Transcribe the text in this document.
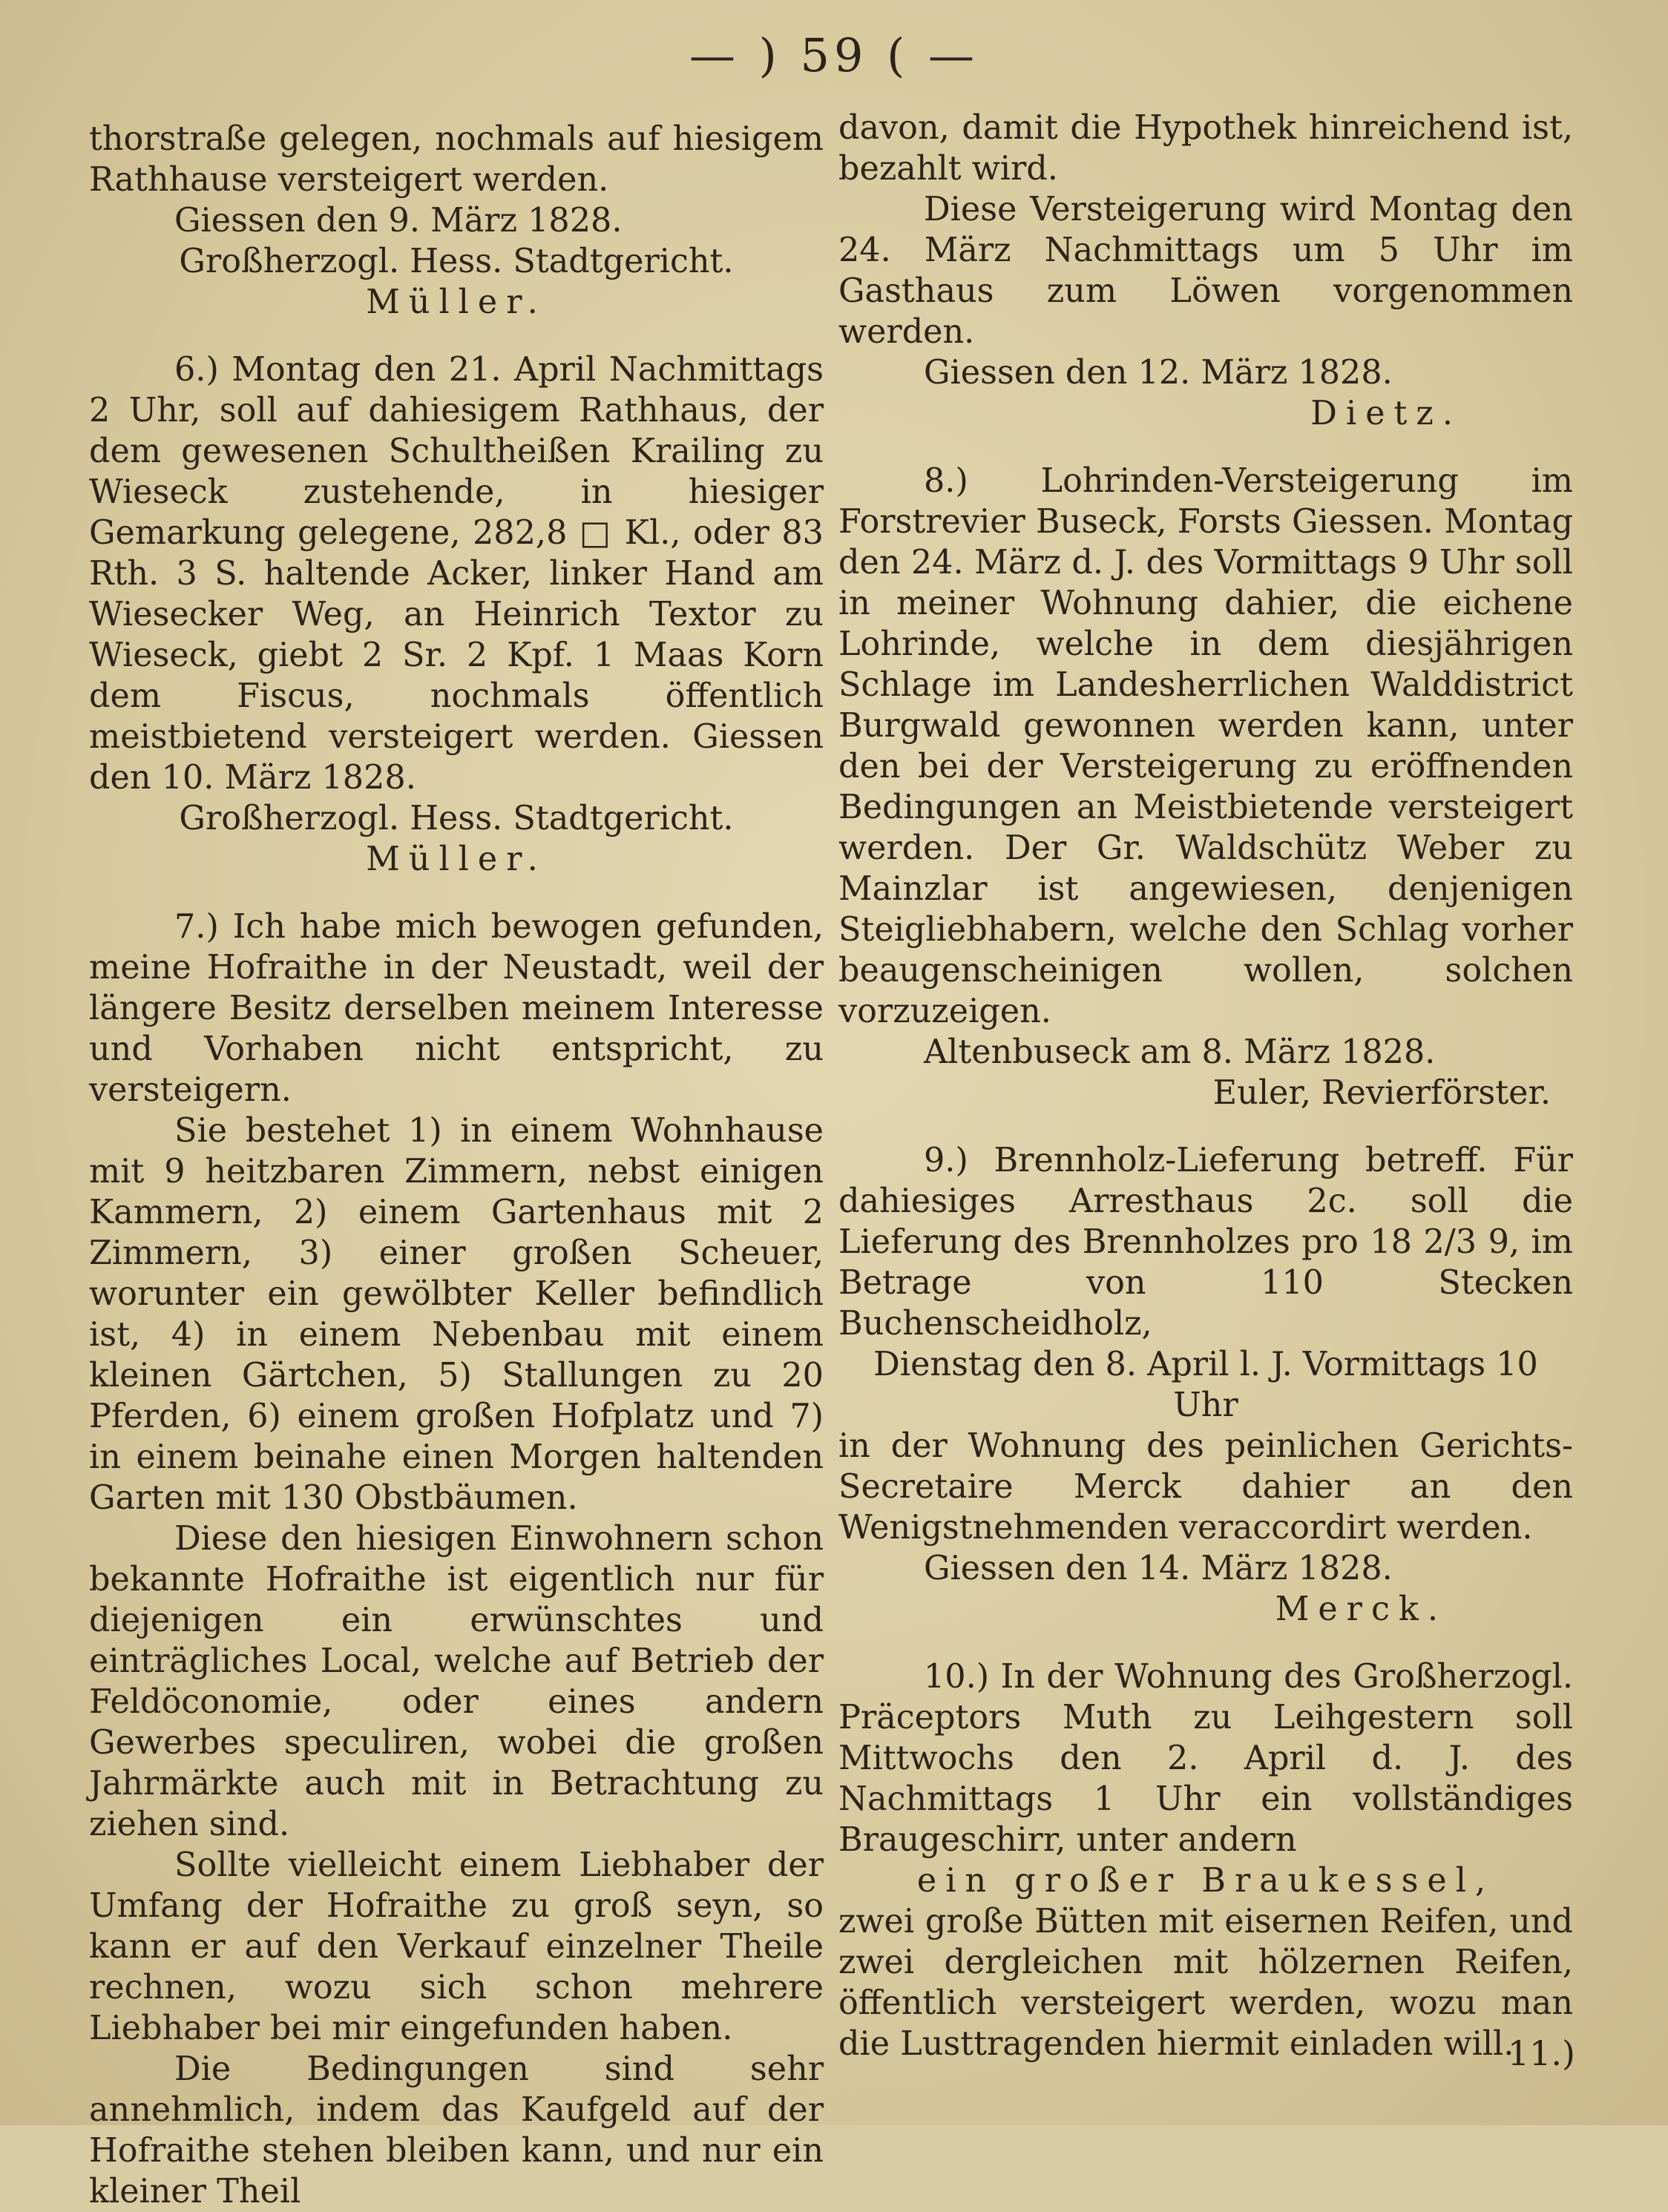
— ) 59 ( —

thorstraße gelegen, nochmals auf hiesigem Rathhause versteigert werden.

Giessen den 9. März 1828.

Großherzogl. Hess. Stadtgericht.

Müller.

6.) Montag den 21. April Nachmittags 2 Uhr, soll auf dahiesigem Rathhaus, der dem gewesenen Schultheißen Krailing zu Wieseck zustehende, in hiesiger Gemarkung gelegene, 282,8 □ Kl., oder 83 Rth. 3 S. haltende Acker, linker Hand am Wiesecker Weg, an Heinrich Textor zu Wieseck, giebt 2 Sr. 2 Kpf. 1 Maas Korn dem Fiscus, nochmals öffentlich meistbietend versteigert werden. Giessen den 10. März 1828.

Großherzogl. Hess. Stadtgericht.

Müller.

7.) Ich habe mich bewogen gefunden, meine Hofraithe in der Neustadt, weil der längere Besitz derselben meinem Interesse und Vorhaben nicht entspricht, zu versteigern.

Sie bestehet 1) in einem Wohnhause mit 9 heitzbaren Zimmern, nebst einigen Kammern, 2) einem Gartenhaus mit 2 Zimmern, 3) einer großen Scheuer, worunter ein gewölbter Keller befindlich ist, 4) in einem Nebenbau mit einem kleinen Gärtchen, 5) Stallungen zu 20 Pferden, 6) einem großen Hofplatz und 7) in einem beinahe einen Morgen haltenden Garten mit 130 Obstbäumen.

Diese den hiesigen Einwohnern schon bekannte Hofraithe ist eigentlich nur für diejenigen ein erwünschtes und einträgliches Local, welche auf Betrieb der Feldöconomie, oder eines andern Gewerbes speculiren, wobei die großen Jahrmärkte auch mit in Betrachtung zu ziehen sind.

Sollte vielleicht einem Liebhaber der Umfang der Hofraithe zu groß seyn, so kann er auf den Verkauf einzelner Theile rechnen, wozu sich schon mehrere Liebhaber bei mir eingefunden haben.

Die Bedingungen sind sehr annehmlich, indem das Kaufgeld auf der Hofraithe stehen bleiben kann, und nur ein kleiner Theil

davon, damit die Hypothek hinreichend ist, bezahlt wird.

Diese Versteigerung wird Montag den 24. März Nachmittags um 5 Uhr im Gasthaus zum Löwen vorgenommen werden.

Giessen den 12. März 1828.

Dietz.

8.) Lohrinden-Versteigerung im Forstrevier Buseck, Forsts Giessen. Montag den 24. März d. J. des Vormittags 9 Uhr soll in meiner Wohnung dahier, die eichene Lohrinde, welche in dem diesjährigen Schlage im Landesherrlichen Walddistrict Burgwald gewonnen werden kann, unter den bei der Versteigerung zu eröffnenden Bedingungen an Meistbietende versteigert werden. Der Gr. Waldschütz Weber zu Mainzlar ist angewiesen, denjenigen Steigliebhabern, welche den Schlag vorher beaugenscheinigen wollen, solchen vorzuzeigen.

Altenbuseck am 8. März 1828.

Euler, Revierförster.

9.) Brennholz-Lieferung betreff. Für dahiesiges Arresthaus 2c. soll die Lieferung des Brennholzes pro 18 2/3 9, im Betrage von 110 Stecken Buchenscheidholz,

Dienstag den 8. April l. J. Vormittags 10 Uhr

in der Wohnung des peinlichen Gerichts-Secretaire Merck dahier an den Wenigstnehmenden veraccordirt werden.

Giessen den 14. März 1828.

Merck.

10.) In der Wohnung des Großherzogl. Präceptors Muth zu Leihgestern soll Mittwochs den 2. April d. J. des Nachmittags 1 Uhr ein vollständiges Braugeschirr, unter andern

ein großer Braukessel,

zwei große Bütten mit eisernen Reifen, und zwei dergleichen mit hölzernen Reifen, öffentlich versteigert werden, wozu man die Lusttragenden hiermit einladen will.

11.)
